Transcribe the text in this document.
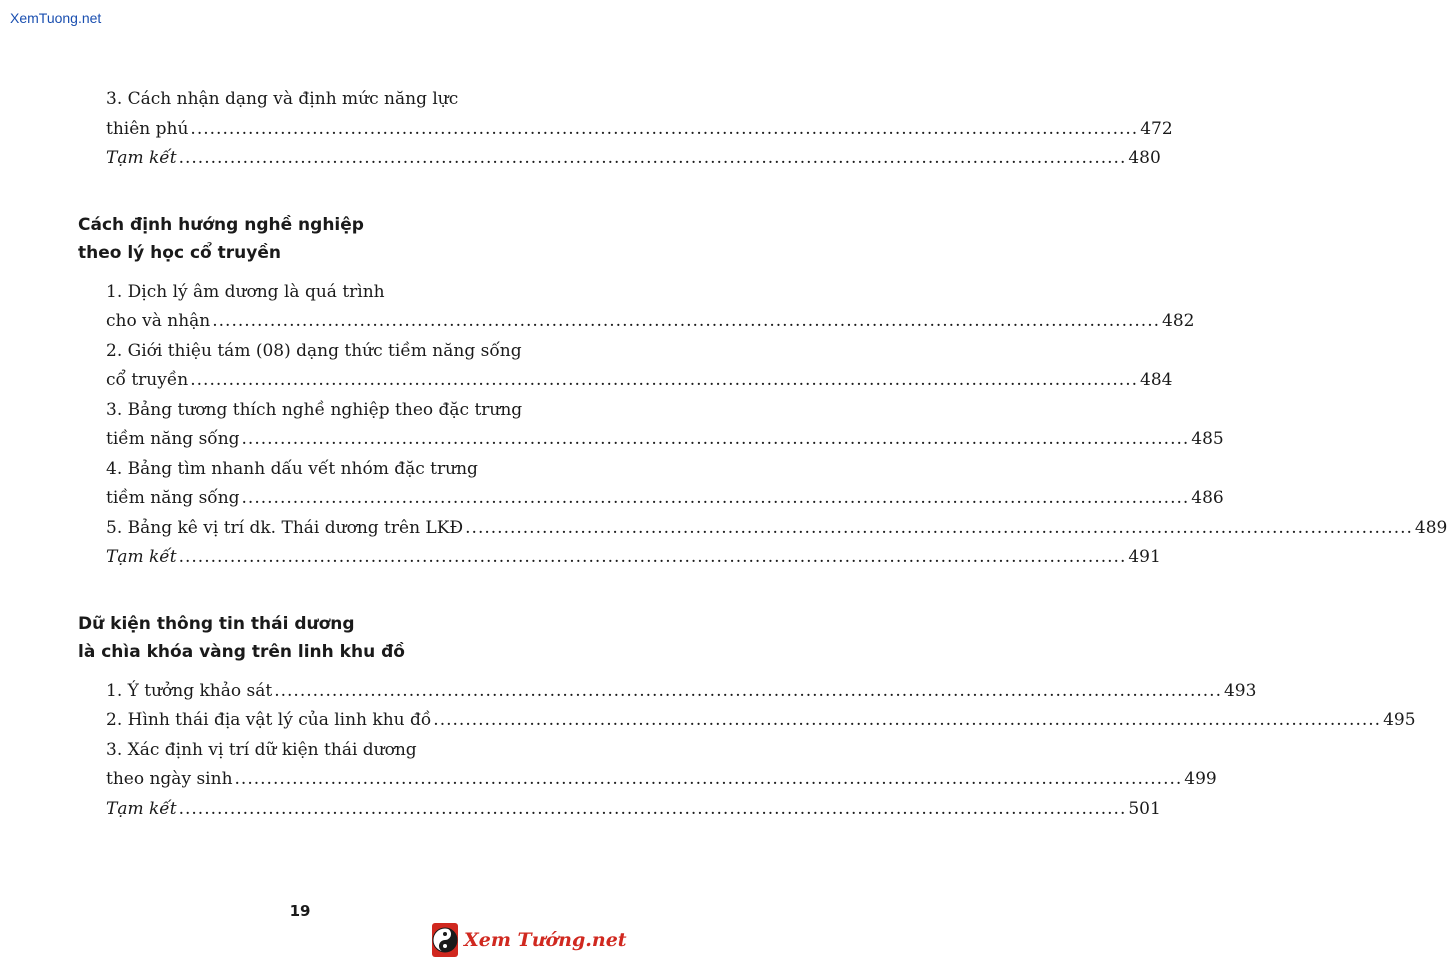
XemTuong.net
3. Cách nhận dạng và định mức năng lực
thiên phú .....	472
Tạm kết .....	480
Cách định hướng nghề nghiệp
theo lý học cổ truyền
1. Dịch lý âm dương là quá trình
cho và nhận .....	482
2. Giới thiệu tám (08) dạng thức tiềm năng sống
cổ truyền .....	484
3. Bảng tương thích nghề nghiệp theo đặc trưng
tiềm năng sống .....	485
4. Bảng tìm nhanh dấu vết nhóm đặc trưng
tiềm năng sống .....	486
5. Bảng kê vị trí dk. Thái dương trên LKĐ .....	489
Tạm kết .....	491
Dữ kiện thông tin thái dương
là chìa khóa vàng trên linh khu đồ
1. Ý tưởng khảo sát .....	493
2. Hình thái địa vật lý của linh khu đồ .....	495
3. Xác định vị trí dữ kiện thái dương
theo ngày sinh .....	499
Tạm kết .....	501
19
Xem Tướng.net
